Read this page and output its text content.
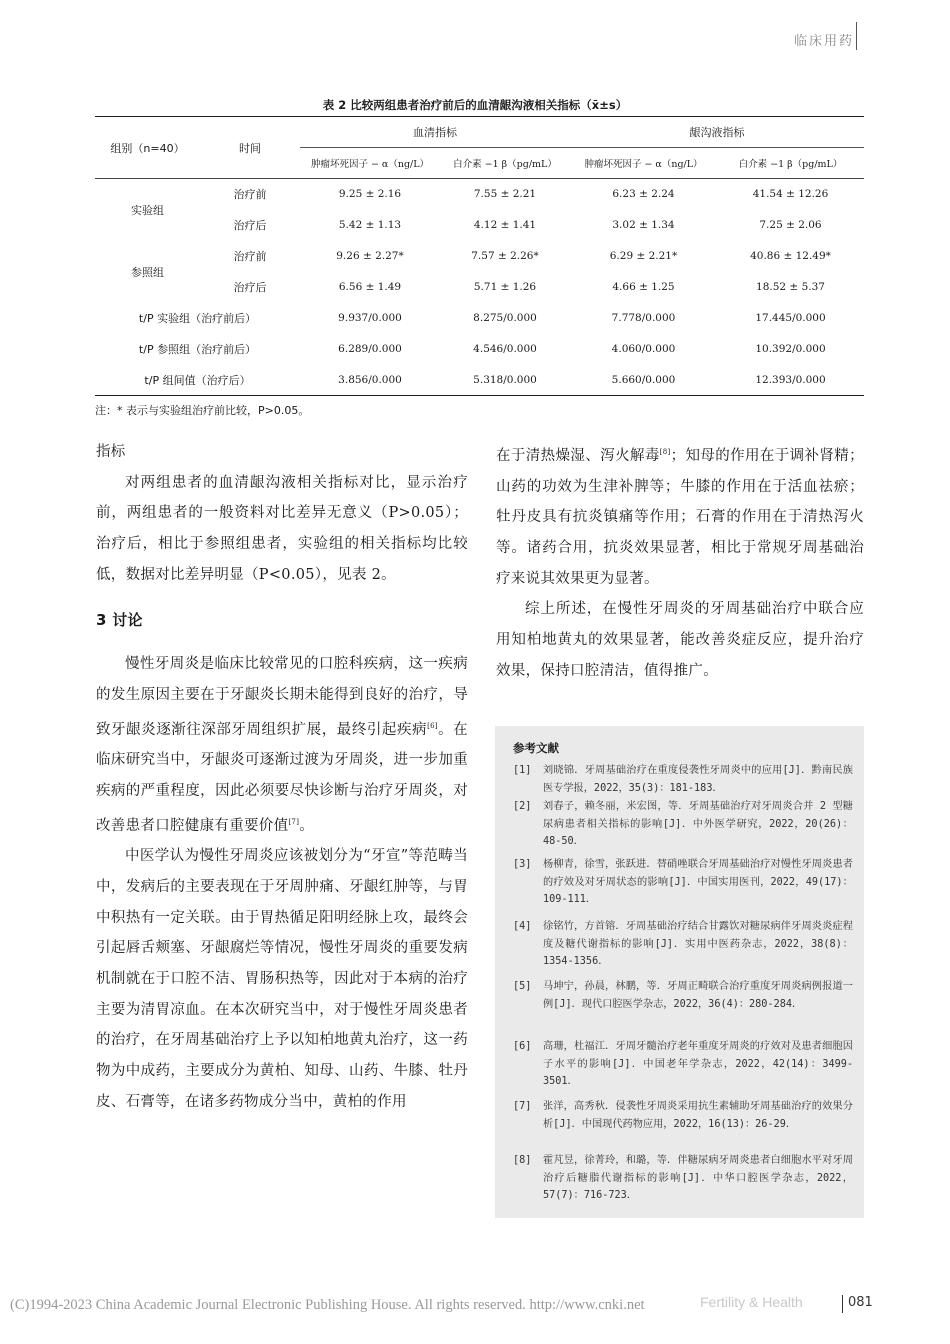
临床用药
表 2 比较两组患者治疗前后的血清龈沟液相关指标（x̄±s）
组别（n=40）	时间	血清指标		龈沟液指标	
		肿瘤坏死因子 − α（ng/L）	白介素 −1 β（pg/mL）	肿瘤坏死因子 − α（ng/L）	白介素 −1 β（pg/mL）
实验组	治疗前	9.25 ± 2.16	7.55 ± 2.21	6.23 ± 2.24	41.54 ± 12.26
	治疗后	5.42 ± 1.13	4.12 ± 1.41	3.02 ± 1.34	7.25 ± 2.06
参照组	治疗前	9.26 ± 2.27*	7.57 ± 2.26*	6.29 ± 2.21*	40.86 ± 12.49*
	治疗后	6.56 ± 1.49	5.71 ± 1.26	4.66 ± 1.25	18.52 ± 5.37
t/P 实验组（治疗前后）		9.937/0.000	8.275/0.000	7.778/0.000	17.445/0.000
t/P 参照组（治疗前后）		6.289/0.000	4.546/0.000	4.060/0.000	10.392/0.000
t/P 组间值（治疗后）		3.856/0.000	5.318/0.000	5.660/0.000	12.393/0.000
注：* 表示与实验组治疗前比较，P>0.05。

指标

对两组患者的血清龈沟液相关指标对比，显示治疗前，两组患者的一般资料对比差异无意义（P>0.05）；治疗后，相比于参照组患者，实验组的相关指标均比较低，数据对比差异明显（P<0.05），见表 2。

3 讨论

慢性牙周炎是临床比较常见的口腔科疾病，这一疾病的发生原因主要在于牙龈炎长期未能得到良好的治疗，导致牙龈炎逐渐往深部牙周组织扩展，最终引起疾病[6]。在临床研究当中，牙龈炎可逐渐过渡为牙周炎，进一步加重疾病的严重程度，因此必须要尽快诊断与治疗牙周炎，对改善患者口腔健康有重要价值[7]。

中医学认为慢性牙周炎应该被划分为“牙宣”等范畴当中，发病后的主要表现在于牙周肿痛、牙龈红肿等，与胃中积热有一定关联。由于胃热循足阳明经脉上攻，最终会引起唇舌颊塞、牙龈腐烂等情况，慢性牙周炎的重要发病机制就在于口腔不洁、胃肠积热等，因此对于本病的治疗主要为清胃凉血。在本次研究当中，对于慢性牙周炎患者的治疗，在牙周基础治疗上予以知柏地黄丸治疗，这一药物为中成药，主要成分为黄柏、知母、山药、牛膝、牡丹皮、石膏等，在诸多药物成分当中，黄柏的作用

在于清热燥湿、泻火解毒[8]；知母的作用在于调补肾精；山药的功效为生津补脾等；牛膝的作用在于活血祛瘀；牡丹皮具有抗炎镇痛等作用；石膏的作用在于清热泻火等。诸药合用，抗炎效果显著，相比于常规牙周基础治疗来说其效果更为显著。

综上所述，在慢性牙周炎的牙周基础治疗中联合应用知柏地黄丸的效果显著，能改善炎症反应，提升治疗效果，保持口腔清洁，值得推广。

参考文献
[1] 刘晓锦．牙周基础治疗在重度侵袭性牙周炎中的应用[J]．黔南民族医专学报，2022，35(3)：181-183．
[2] 刘春子，赖冬丽，米宏图，等．牙周基础治疗对牙周炎合并 2 型糖尿病患者相关指标的影响[J]．中外医学研究，2022，20(26)：48-50．
[3] 杨柳青，徐雪，张跃进．替硝唑联合牙周基础治疗对慢性牙周炎患者的疗效及对牙周状态的影响[J]．中国实用医刊，2022，49(17)：109-111．
[4] 徐铭竹，方首镕．牙周基础治疗结合甘露饮对糖尿病伴牙周炎炎症程度及糖代谢指标的影响[J]．实用中医药杂志，2022，38(8)：1354-1356．
[5] 马坤宁，孙晨，林鹏，等．牙周正畸联合治疗重度牙周炎病例报道一例[J]．现代口腔医学杂志，2022，36(4)：280-284．
[6] 高珊，杜福江．牙周牙髓治疗老年重度牙周炎的疗效对及患者细胞因子水平的影响[J]．中国老年学杂志，2022，42(14)：3499-3501．
[7] 张洋，高秀秋．侵袭性牙周炎采用抗生素辅助牙周基础治疗的效果分析[J]．中国现代药物应用，2022，16(13)：26-29．
[8] 霍芃昱，徐菁玲，和璐，等．伴糖尿病牙周炎患者白细胞水平对牙周治疗后糖脂代谢指标的影响[J]．中华口腔医学杂志，2022，57(7)：716-723．
(C)1994-2023 China Academic Journal Electronic Publishing House. All rights reserved. http://www.cnki.net	Fertility & Health	081
